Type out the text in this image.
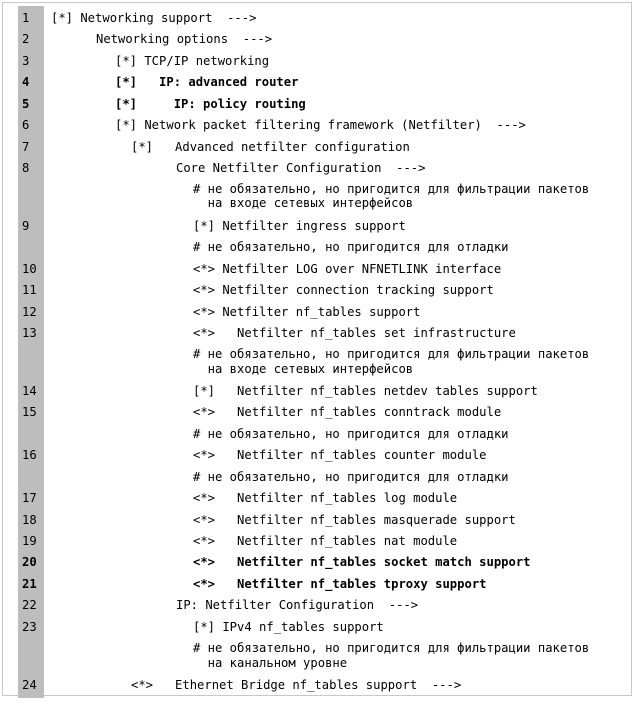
1 [*] Networking support  --->
2	Networking options  --->
3	[*] TCP/IP networking
4	[*]   IP: advanced router
5	[*]     IP: policy routing
6	[*] Network packet filtering framework (Netfilter)  --->
7	[*]   Advanced netfilter configuration
8	Core Netfilter Configuration  --->
# не обязательно, но пригодится для фильтрации пакетов
на входе сетевых интерфейсов
9	[*] Netfilter ingress support
# не обязательно, но пригодится для отладки
10	<*> Netfilter LOG over NFNETLINK interface
11	<*> Netfilter connection tracking support
12	<*> Netfilter nf_tables support
13	<*>   Netfilter nf_tables set infrastructure
# не обязательно, но пригодится для фильтрации пакетов
на входе сетевых интерфейсов
14	[*]   Netfilter nf_tables netdev tables support
15	<*>   Netfilter nf_tables conntrack module
# не обязательно, но пригодится для отладки
16	<*>   Netfilter nf_tables counter module
# не обязательно, но пригодится для отладки
17	<*>   Netfilter nf_tables log module
18	<*>   Netfilter nf_tables masquerade support
19	<*>   Netfilter nf_tables nat module
20	<*>   Netfilter nf_tables socket match support
21	<*>   Netfilter nf_tables tproxy support
22	IP: Netfilter Configuration  --->
23	[*] IPv4 nf_tables support
# не обязательно, но пригодится для фильтрации пакетов
на канальном уровне
24	<*>   Ethernet Bridge nf_tables support  --->
